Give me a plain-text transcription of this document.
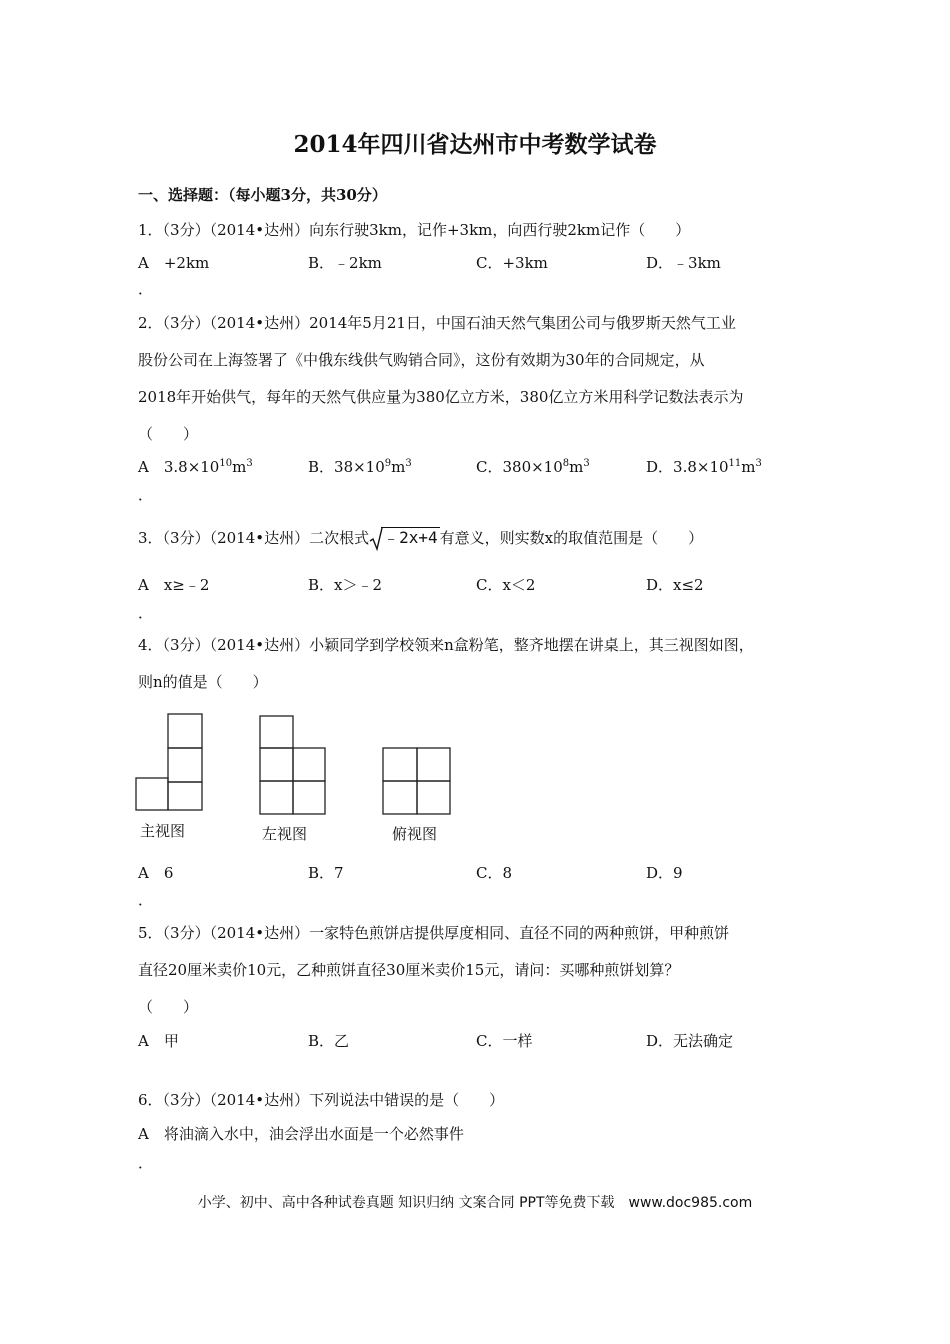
2014年四川省达州市中考数学试卷
一、选择题：（每小题3分，共30分）
1．（3分）（2014•达州）向东行驶3km，记作+3km，向西行驶2km记作（　　）
A　+2km	B．﹣2km	C．+3km	D．﹣3km
．
2．（3分）（2014•达州）2014年5月21日，中国石油天然气集团公司与俄罗斯天然气工业
股份公司在上海签署了《中俄东线供气购销合同》，这份有效期为30年的合同规定，从
2018年开始供气，每年的天然气供应量为380亿立方米，380亿立方米用科学记数法表示为
（　　）
A　$3.8\times 10^{10}m^3$	B．$38\times 10^9m^3$	C．$380\times 10^8m^3$	D．$3.8\times 10^{11}m^3$
．
3．（3分）（2014•达州）二次根式 ﹣2x+4 有意义，则实数x的取值范围是（　　）
A　x≥﹣2	B．x＞﹣2	C．x＜2	D．x≤2
．
4．（3分）（2014•达州）小颖同学到学校领来n盒粉笔，整齐地摆在讲桌上，其三视图如图，
则n的值是（　　）
主视图	左视图	俯视图
A　6	B．7	C．8	D．9
．
5．（3分）（2014•达州）一家特色煎饼店提供厚度相同、直径不同的两种煎饼，甲种煎饼
直径20厘米卖价10元，乙种煎饼直径30厘米卖价15元，请问：买哪种煎饼划算？
（　　）
A　甲	B．乙	C．一样	D．无法确定
6．（3分）（2014•达州）下列说法中错误的是（　　）
A　将油滴入水中，油会浮出水面是一个必然事件
．
小学、初中、高中各种试卷真题 知识归纳 文案合同 PPT等免费下载　www.doc985.com
